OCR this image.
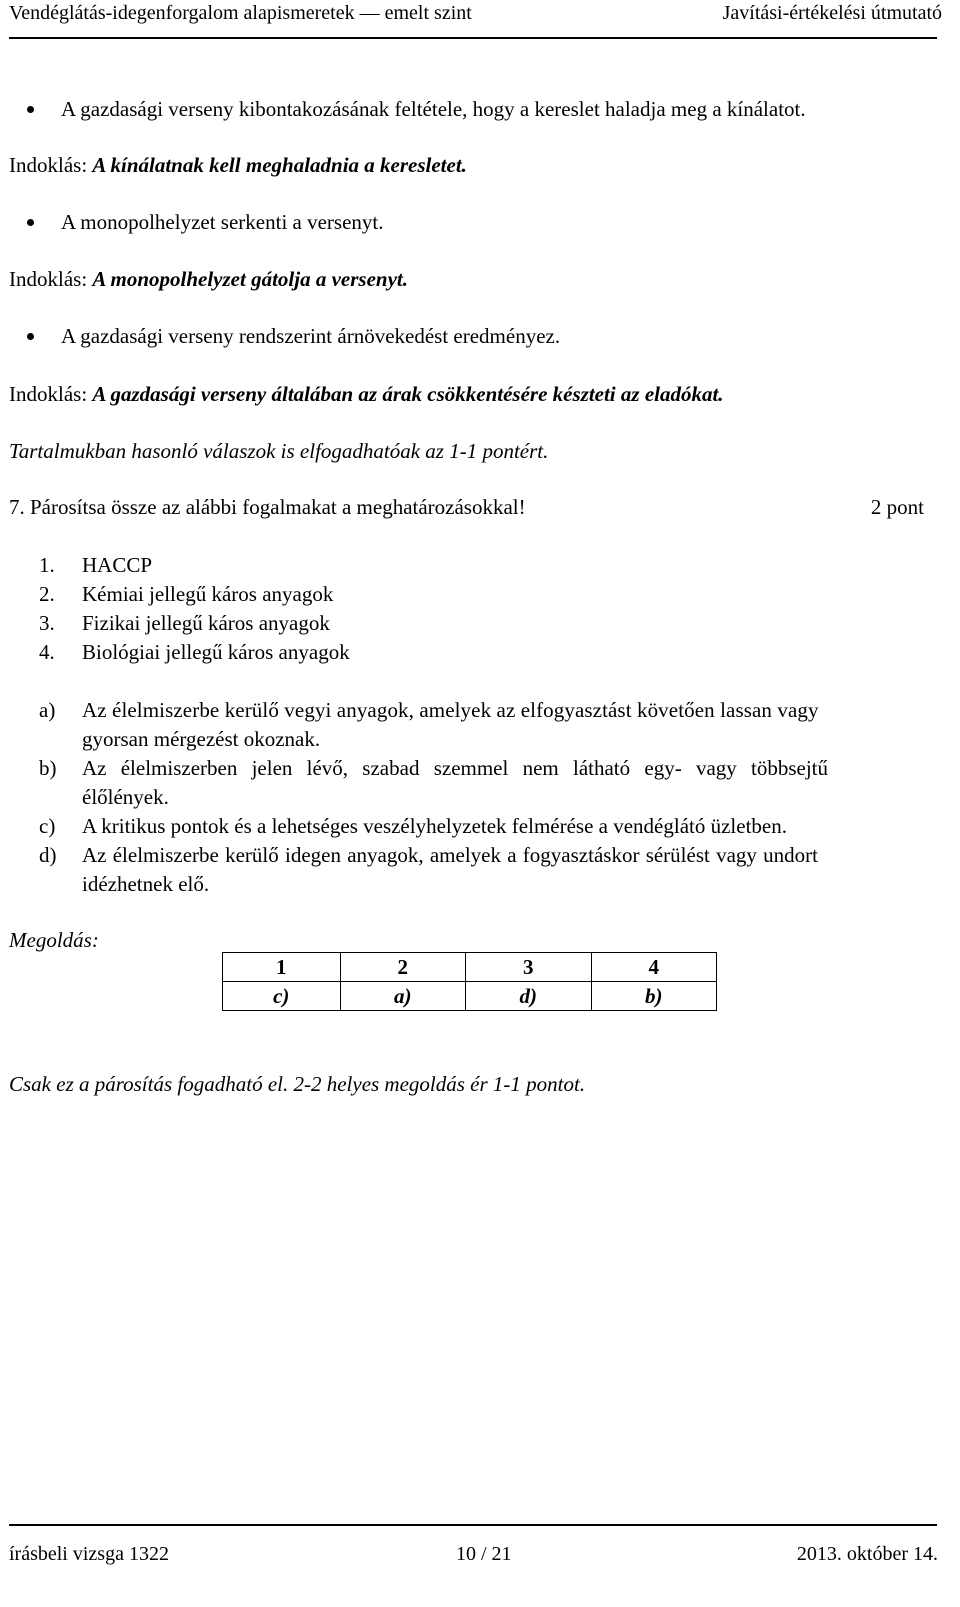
Vendéglátás-idegenforgalom alapismeretek — emelt szint	Javítási-értékelési útmutató
A gazdasági verseny kibontakozásának feltétele, hogy a kereslet haladja meg a kínálatot.
Indoklás: A kínálatnak kell meghaladnia a keresletet.
A monopolhelyzet serkenti a versenyt.
Indoklás: A monopolhelyzet gátolja a versenyt.
A gazdasági verseny rendszerint árnövekedést eredményez.
Indoklás: A gazdasági verseny általában az árak csökkentésére készteti az eladókat.
Tartalmukban hasonló válaszok is elfogadhatóak az 1-1 pontért.
7. Párosítsa össze az alábbi fogalmakat a meghatározásokkal!	2 pont
1. HACCP
2. Kémiai jellegű káros anyagok
3. Fizikai jellegű káros anyagok
4. Biológiai jellegű káros anyagok
a) Az élelmiszerbe kerülő vegyi anyagok, amelyek az elfogyasztást követően lassan vagy
gyorsan mérgezést okoznak.
b) Az élelmiszerben jelen lévő, szabad szemmel nem látható egy- vagy többsejtű
élőlények.
c) A kritikus pontok és a lehetséges veszélyhelyzetek felmérése a vendéglátó üzletben.
d) Az élelmiszerbe kerülő idegen anyagok, amelyek a fogyasztáskor sérülést vagy undort
idézhetnek elő.
Megoldás:
1	2	3	4
c)	a)	d)	b)
Csak ez a párosítás fogadható el. 2-2 helyes megoldás ér 1-1 pontot.
írásbeli vizsga 1322	10 / 21	2013. október 14.
